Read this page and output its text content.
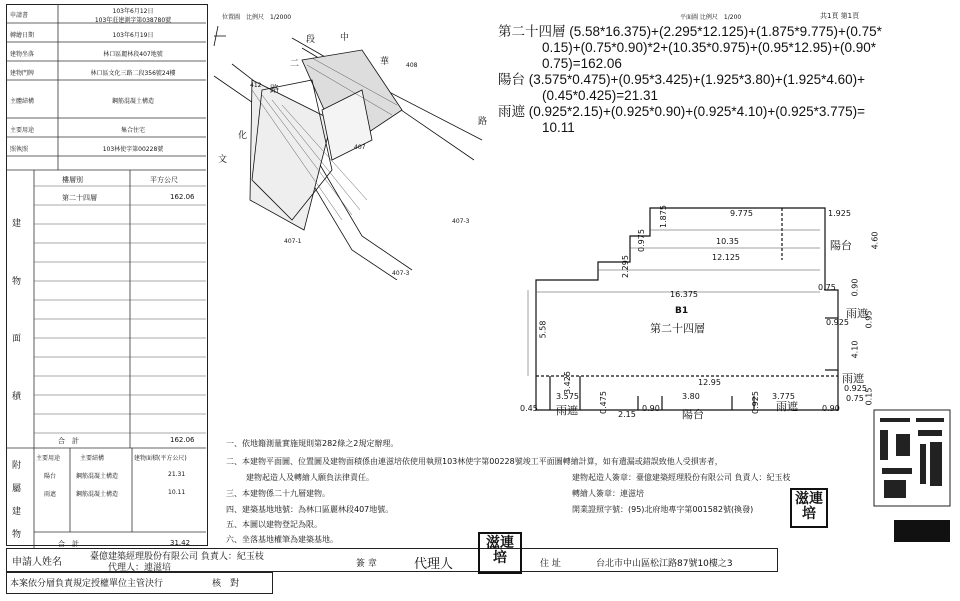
申請書
103年6月12日
103年莊建測字第038780號
轉繪日期	103年6月19日
建物坐落	林口區麗林段407地號
建物門牌	林口區文化三路二段356號24樓
主體結構	鋼筋混凝土構造
主要用途	集合住宅
照執照	103林使字第00228號
樓層別	平方公尺
第二十四層	162.06
建
物
面
積
合　計	162.06
附
屬
建
物
主要用途	主要結構	建物面積(平方公尺)
陽台	鋼筋混凝土構造	21.31
雨遮	鋼筋混凝土構造	10.11
合　計	31.42
位置圖　比例尺　1/2000
段	中
二	華
路
文
化
路
412
408
407
407-3
407-1
407-3
平面圖 比例尺　1/200	共1頁 第1頁
第二十四層 (5.58*16.375)+(2.295*12.125)+(1.875*9.775)+(0.75*
0.15)+(0.75*0.90)*2+(10.35*0.975)+(0.95*12.95)+(0.90*
0.75)=162.06
陽台 (3.575*0.475)+(0.95*3.425)+(1.925*3.80)+(1.925*4.60)+
(0.45*0.425)=21.31
雨遮 (0.925*2.15)+(0.925*0.90)+(0.925*4.10)+(0.925*3.775)=
10.11
9.775	1.925
1.875
0.975	10.35
2.295	12.125
16.375
5.58
0.75 0.90
0.925
4.10
12.95
0.925
0.75
3.425
3.575
0.45	0.475
2.15
0.90
3.80	0.925 3.775
0.90
0.15
0.95
4.60
B1
第二十四層
陽台
陽台
雨遮
雨遮
雨遮	雨遮
一、依地籍測量實施規則第282條之2規定辦理。
二、本建物平面圖、位置圖及建物面積係由連滋培依使用執照103林使字第00228號竣工平面圖轉繪計算，如有遺漏或錯誤致他人受損害者，
建物起造人及轉繪人願負法律責任。
三、本建物係二十九層建物。
四、建築基地地號：為林口區麗林段407地號。
五、本圖以建物登記為限。
六、坐落基地權筆為建築基地。
建物起造人簽章：臺億建築經理股份有限公司 負責人：紀玉枝
轉繪人簽章：連滋培
開業證照字號：(95)北府地專字第001582號(換發)
滋連
培
申請人姓名	臺億建築經理股份有限公司 負責人：紀玉枝
代理人：連滋培	簽 章	代理人
滋連
培	住 址	台北市中山區松江路87號10樓之3
本案依分層負責規定授權單位主管決行	核　對
